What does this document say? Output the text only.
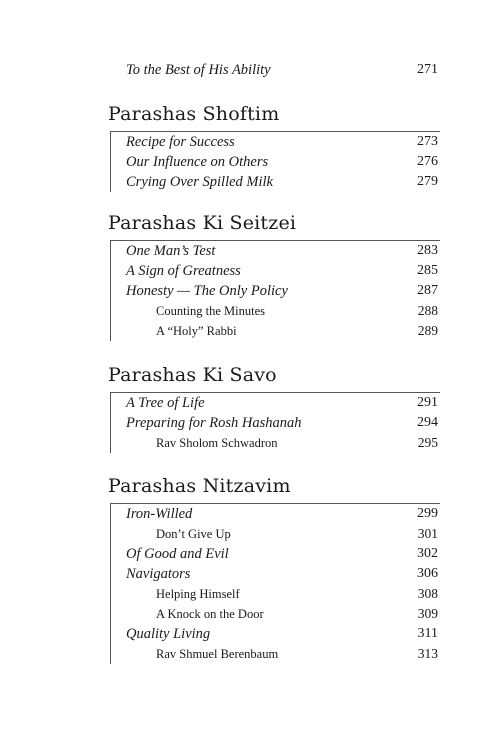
To the Best of His Ability	271
Parashas Shoftim
Recipe for Success	273
Our Influence on Others	276
Crying Over Spilled Milk	279
Parashas Ki Seitzei
One Man’s Test	283
A Sign of Greatness	285
Honesty — The Only Policy	287
Counting the Minutes	288
A “Holy” Rabbi	289
Parashas Ki Savo
A Tree of Life	291
Preparing for Rosh Hashanah	294
Rav Sholom Schwadron	295
Parashas Nitzavim
Iron-Willed	299
Don’t Give Up	301
Of Good and Evil	302
Navigators	306
Helping Himself	308
A Knock on the Door	309
Quality Living	311
Rav Shmuel Berenbaum	313
